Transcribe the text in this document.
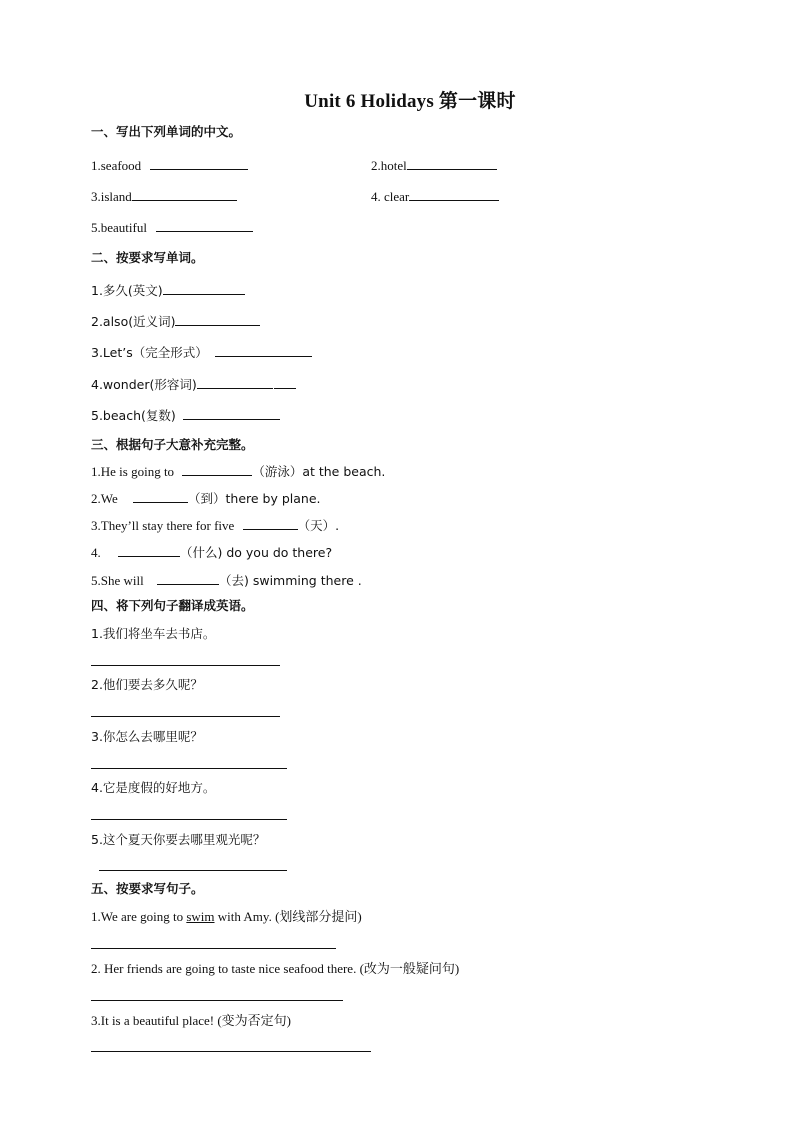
Unit 6 Holidays 第一课时
一、写出下列单词的中文。
1.seafood	2.hotel
3.island	4. clear
5.beautiful
二、按要求写单词。
1.多久(英文)
2.also(近义词)
3.Let’s（完全形式）
4.wonder(形容词)
5.beach(复数)
三、根据句子大意补充完整。
1.He is going to	（游泳）at the beach.
2.We	（到）there by plane.
3.They’ll stay there for five	（天）.
4.	（什么) do you do there?
5.She will	（去) swimming there .
四、将下列句子翻译成英语。
1.我们将坐车去书店。
2.他们要去多久呢？
3.你怎么去哪里呢？
4.它是度假的好地方。
5.这个夏天你要去哪里观光呢？
五、按要求写句子。
1.We are going to swim with Amy. (划线部分提问)
2. Her friends are going to taste nice seafood there. (改为一般疑问句)
3.It is a beautiful place! (变为否定句)
